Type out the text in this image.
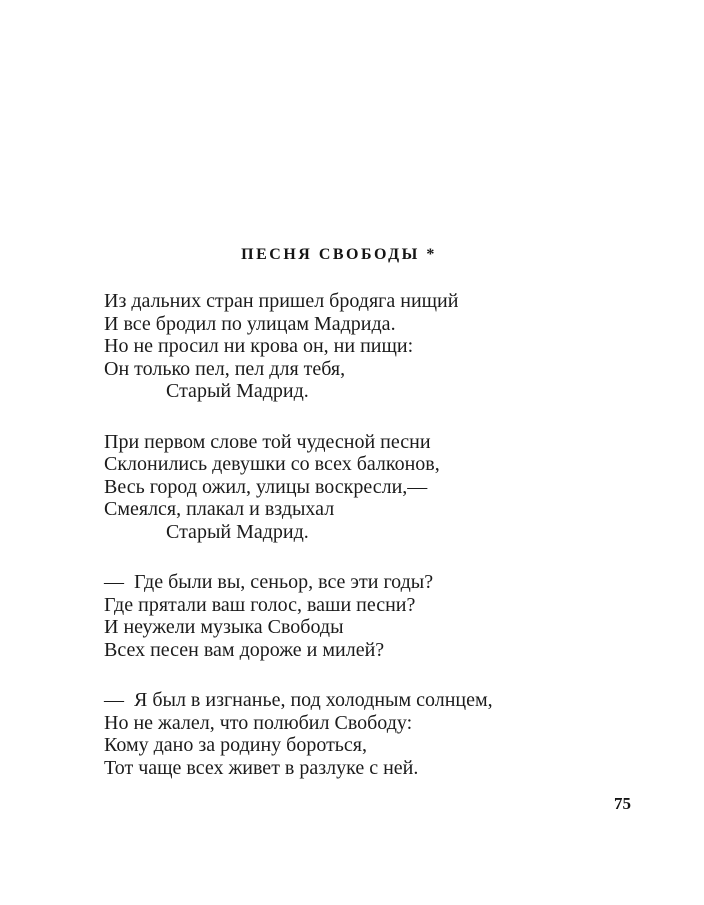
ПЕСНЯ СВОБОДЫ *
Из дальних стран пришел бродяга нищий
И все бродил по улицам Мадрида.
Но не просил ни крова он, ни пищи:
Он только пел, пел для тебя,
Старый Мадрид.
При первом слове той чудесной песни
Склонились девушки со всех балконов,
Весь город ожил, улицы воскресли,—
Смеялся, плакал и вздыхал
Старый Мадрид.
—  Где были вы, сеньор, все эти годы?
Где прятали ваш голос, ваши песни?
И неужели музыка Свободы
Всех песен вам дороже и милей?
—  Я был в изгнанье, под холодным солнцем,
Но не жалел, что полюбил Свободу:
Кому дано за родину бороться,
Тот чаще всех живет в разлуке с ней.
75
